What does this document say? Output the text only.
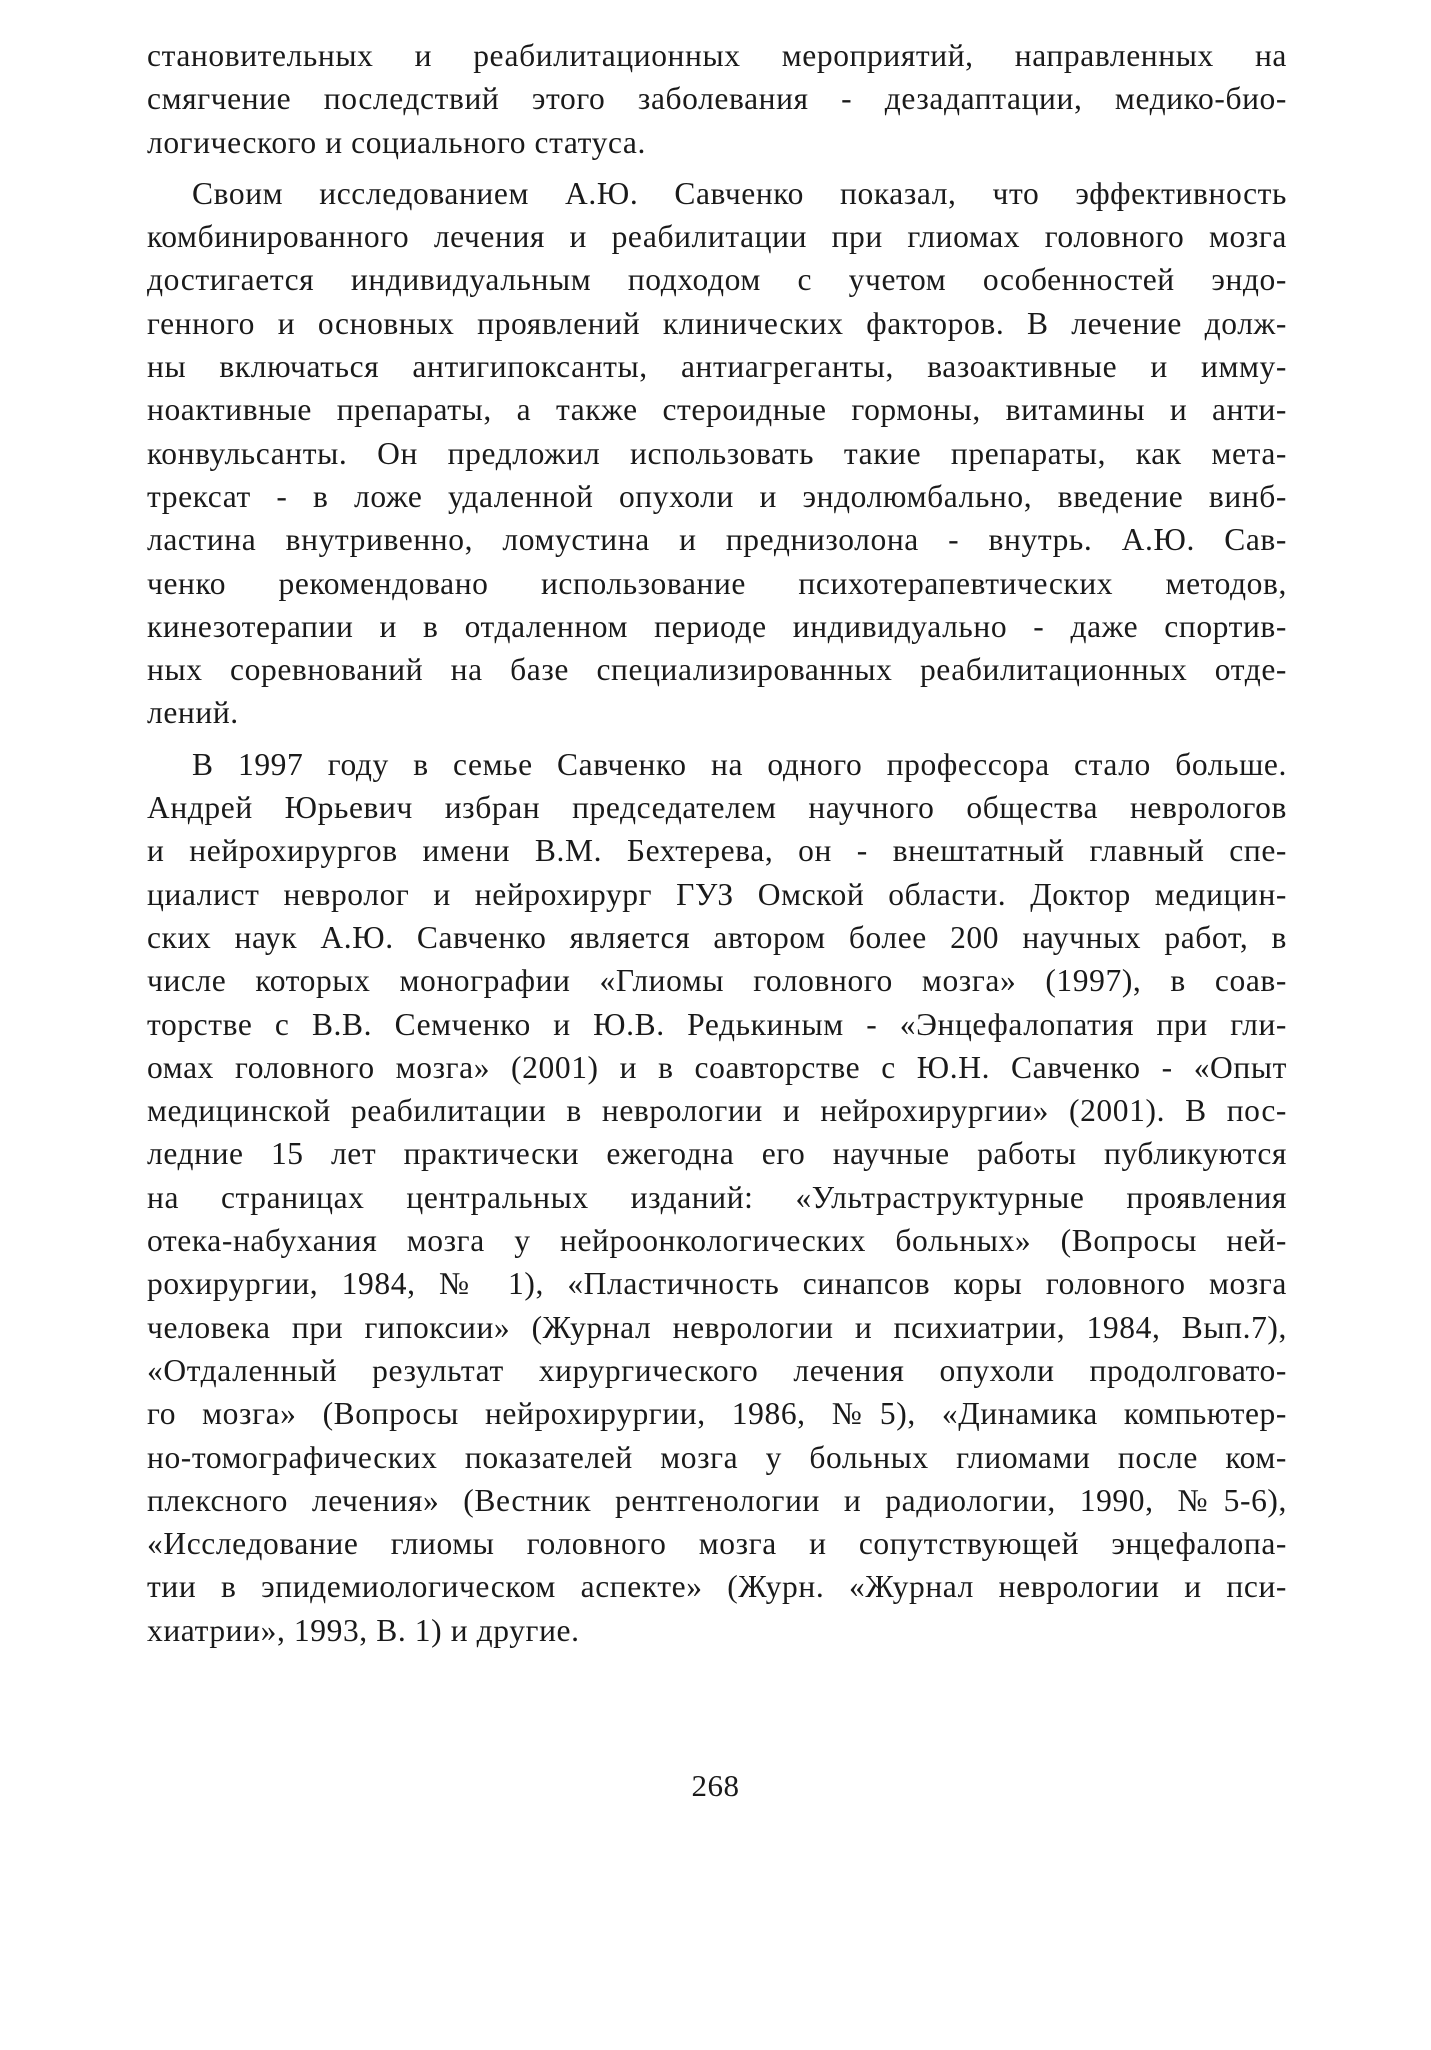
становительных и реабилитационных мероприятий, направленных на
смягчение последствий этого заболевания - дезадаптации, медико-био-
логического и социального статуса.
Своим исследованием А.Ю. Савченко показал, что эффективность
комбинированного лечения и реабилитации при глиомах головного мозга
достигается индивидуальным подходом с учетом особенностей эндо-
генного и основных проявлений клинических факторов. В лечение долж-
ны включаться антигипоксанты, антиагреганты, вазоактивные и имму-
ноактивные препараты, а также стероидные гормоны, витамины и анти-
конвульсанты. Он предложил использовать такие препараты, как мета-
трексат - в ложе удаленной опухоли и эндолюмбально, введение винб-
ластина внутривенно, ломустина и преднизолона - внутрь. А.Ю. Сав-
ченко рекомендовано использование психотерапевтических методов,
кинезотерапии и в отдаленном периоде индивидуально - даже спортив-
ных соревнований на базе специализированных реабилитационных отде-
лений.
В 1997 году в семье Савченко на одного профессора стало больше.
Андрей Юрьевич избран председателем научного общества неврологов
и нейрохирургов имени В.М. Бехтерева, он - внештатный главный спе-
циалист невролог и нейрохирург ГУЗ Омской области. Доктор медицин-
ских наук А.Ю. Савченко является автором более 200 научных работ, в
числе которых монографии «Глиомы головного мозга» (1997), в соав-
торстве с В.В. Семченко и Ю.В. Редькиным - «Энцефалопатия при гли-
омах головного мозга» (2001) и в соавторстве с Ю.Н. Савченко - «Опыт
медицинской реабилитации в неврологии и нейрохирургии» (2001). В пос-
ледние 15 лет практически ежегодна его научные работы публикуются
на страницах центральных изданий: «Ультраструктурные проявления
отека-набухания мозга у нейроонкологических больных» (Вопросы ней-
рохирургии, 1984, № 1), «Пластичность синапсов коры головного мозга
человека при гипоксии» (Журнал неврологии и психиатрии, 1984, Вып.7),
«Отдаленный результат хирургического лечения опухоли продолговато-
го мозга» (Вопросы нейрохирургии, 1986, №5), «Динамика компьютер-
но-томографических показателей мозга у больных глиомами после ком-
плексного лечения» (Вестник рентгенологии и радиологии, 1990, №5-6),
«Исследование глиомы головного мозга и сопутствующей энцефалопа-
тии в эпидемиологическом аспекте» (Журн. «Журнал неврологии и пси-
хиатрии», 1993, В. 1) и другие.
268
